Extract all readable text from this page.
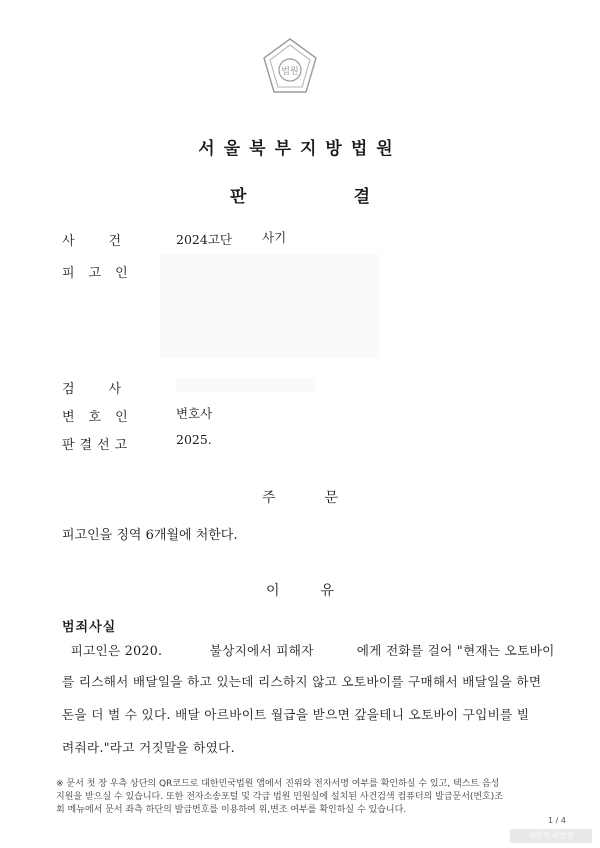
법원
서울북부지방법원
판	결
사건 2024고단 사기
피고인
검사
변호인	변호사
판결선고	2025.
주	문
피고인을 징역 6개월에 처한다.
이	유
범죄사실
피고인은 2020.           불상지에서 피해자          에게 전화를 걸어 "현재는 오토바이
를 리스해서 배달일을 하고 있는데 리스하지 않고 오토바이를 구매해서 배달일을 하면
돈을 더 벌 수 있다. 배달 아르바이트 월급을 받으면 갚을테니 오토바이 구입비를 빌
려줘라."라고 거짓말을 하였다.
※ 문서 첫 장 우측 상단의 QR코드로 대한민국법원 앱에서 진위와 전자서명 여부를 확인하실 수 있고, 텍스트 음성
지원을 받으실 수 있습니다. 또한 전자소송포털 및 각급 법원 민원실에 설치된 사건검색 컴퓨터의 발급문서(번호)조
회 메뉴에서 문서 좌측 하단의 발급번호를 이용하여 위,변조 여부를 확인하실 수 있습니다.
1 / 4
대한민국법원
